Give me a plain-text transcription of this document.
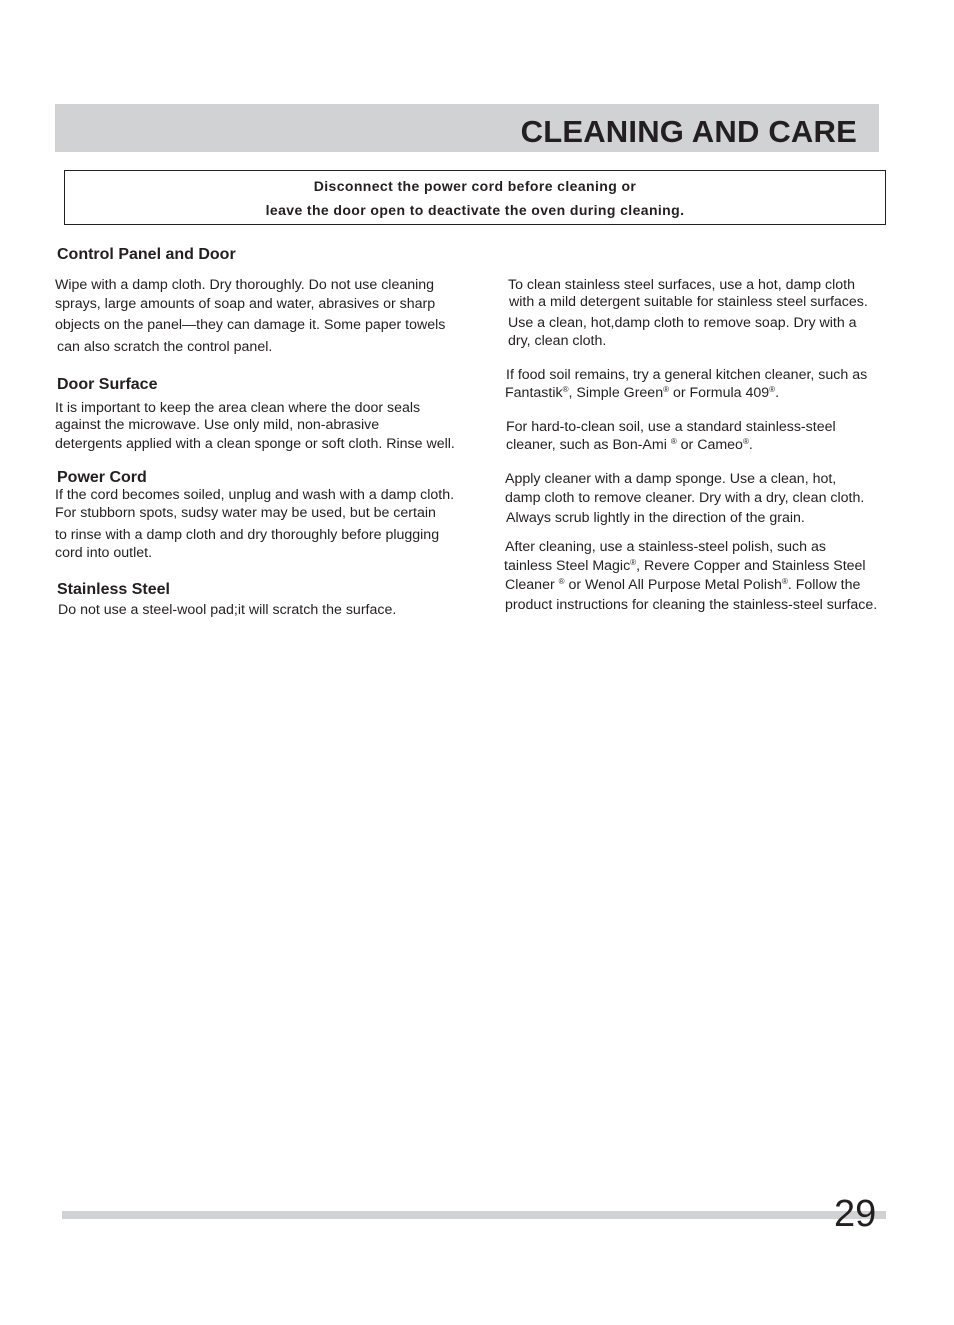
CLEANING AND CARE
Disconnect the power cord before cleaning or
leave the door open to deactivate the oven during cleaning.
Control Panel and Door
Wipe with a damp cloth. Dry thoroughly. Do not use cleaning
sprays, large amounts of soap and water, abrasives or sharp
objects on the panel—they can damage it. Some paper towels
can also scratch the control panel.
Door Surface
It is important to keep the area clean where the door seals
against the microwave. Use only mild, non-abrasive
detergents applied with a clean sponge or soft cloth. Rinse well.
Power Cord
If the cord becomes soiled, unplug and wash with a damp cloth.
For stubborn spots, sudsy water may be used, but be certain
to rinse with a damp cloth and dry thoroughly before plugging
cord into outlet.
Stainless Steel
Do not use a steel-wool pad;it will scratch the surface.
To clean stainless steel surfaces, use a hot, damp cloth
with a mild detergent suitable for stainless steel surfaces.
Use a clean, hot,damp cloth to remove soap. Dry with a
dry, clean cloth.
If food soil remains, try a general kitchen cleaner, such as
Fantastik®, Simple Green® or Formula 409®.
For hard-to-clean soil, use a standard stainless-steel
cleaner, such as Bon-Ami ® or Cameo®.
Apply cleaner with a damp sponge. Use a clean, hot,
damp cloth to remove cleaner. Dry with a dry, clean cloth.
Always scrub lightly in the direction of the grain.
After cleaning, use a stainless-steel polish, such as
tainless Steel Magic®, Revere Copper and Stainless Steel
Cleaner ® or Wenol All Purpose Metal Polish®. Follow the
product instructions for cleaning the stainless-steel surface.
29
